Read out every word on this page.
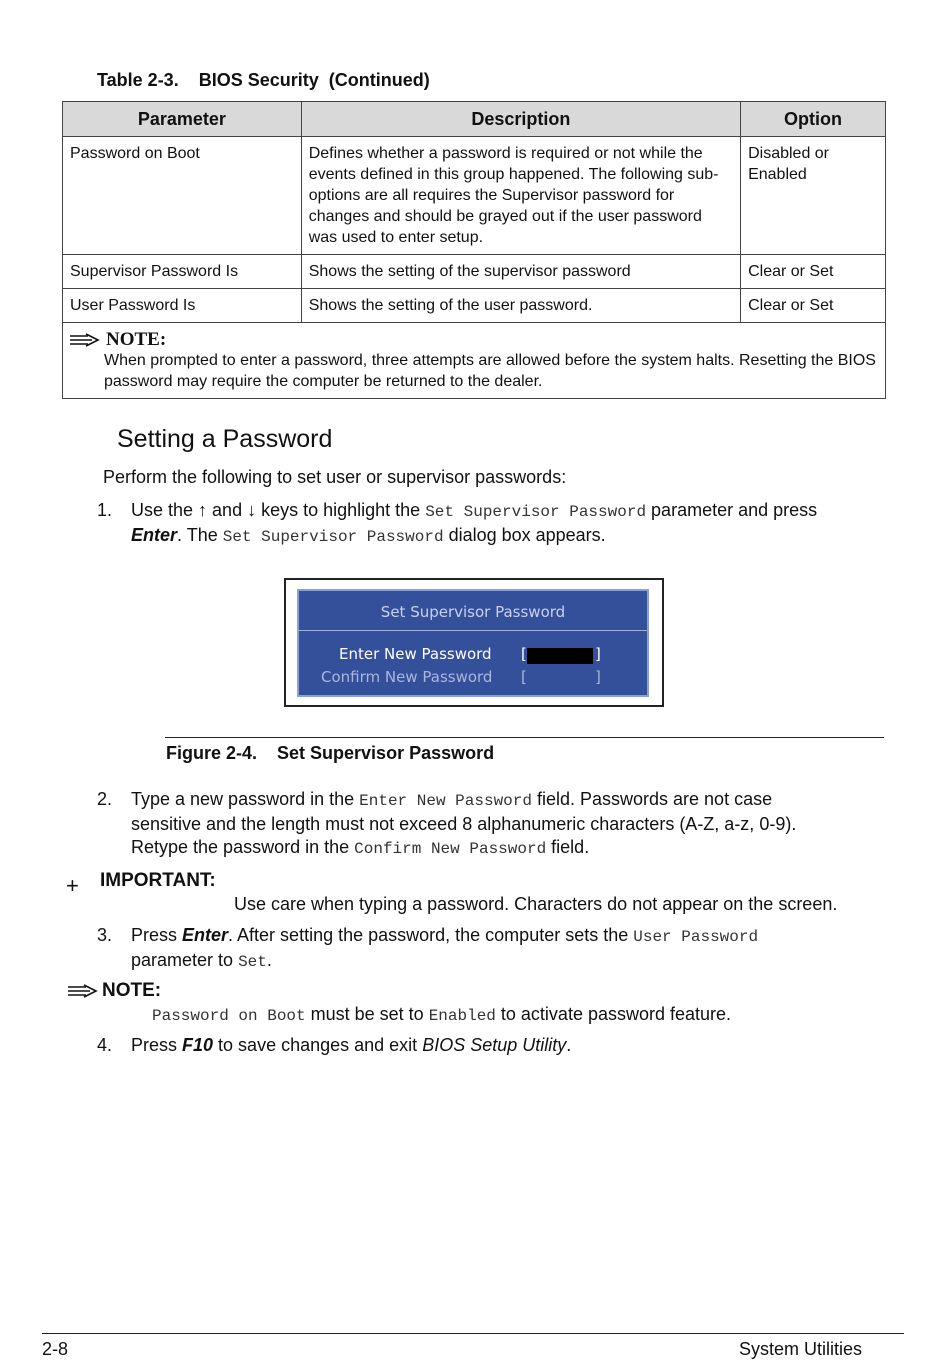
Table 2-3.    BIOS Security  (Continued)
Parameter	Description	Option
Password on Boot	Defines whether a password is required or not while the events defined in this group happened. The following sub-options are all requires the Supervisor password for changes and should be grayed out if the user password was used to enter setup.	Disabled or Enabled
Supervisor Password Is	Shows the setting of the supervisor password	Clear or Set
User Password Is	Shows the setting of the user password.	Clear or Set

NOTE:
When prompted to enter a password, three attempts are allowed before the system halts. Resetting the BIOS password may require the computer be returned to the dealer.		
Setting a Password
Perform the following to set user or supervisor passwords:
1. Use the ↑ and ↓ keys to highlight the Set Supervisor Password parameter and press
Enter. The Set Supervisor Password dialog box appears.
Set Supervisor Password
Enter New Password [	]
Confirm New Password [	]
Figure 2-4.    Set Supervisor Password
2. Type a new password in the Enter New Password field. Passwords are not case
sensitive and the length must not exceed 8 alphanumeric characters (A-Z, a-z, 0-9).
Retype the password in the Confirm New Password field.
+ IMPORTANT:
Use care when typing a password. Characters do not appear on the screen.
3. Press Enter. After setting the password, the computer sets the User Password
parameter to Set.
NOTE:
Password on Boot must be set to Enabled to activate password feature.
4. Press F10 to save changes and exit BIOS Setup Utility.
2-8	System Utilities
